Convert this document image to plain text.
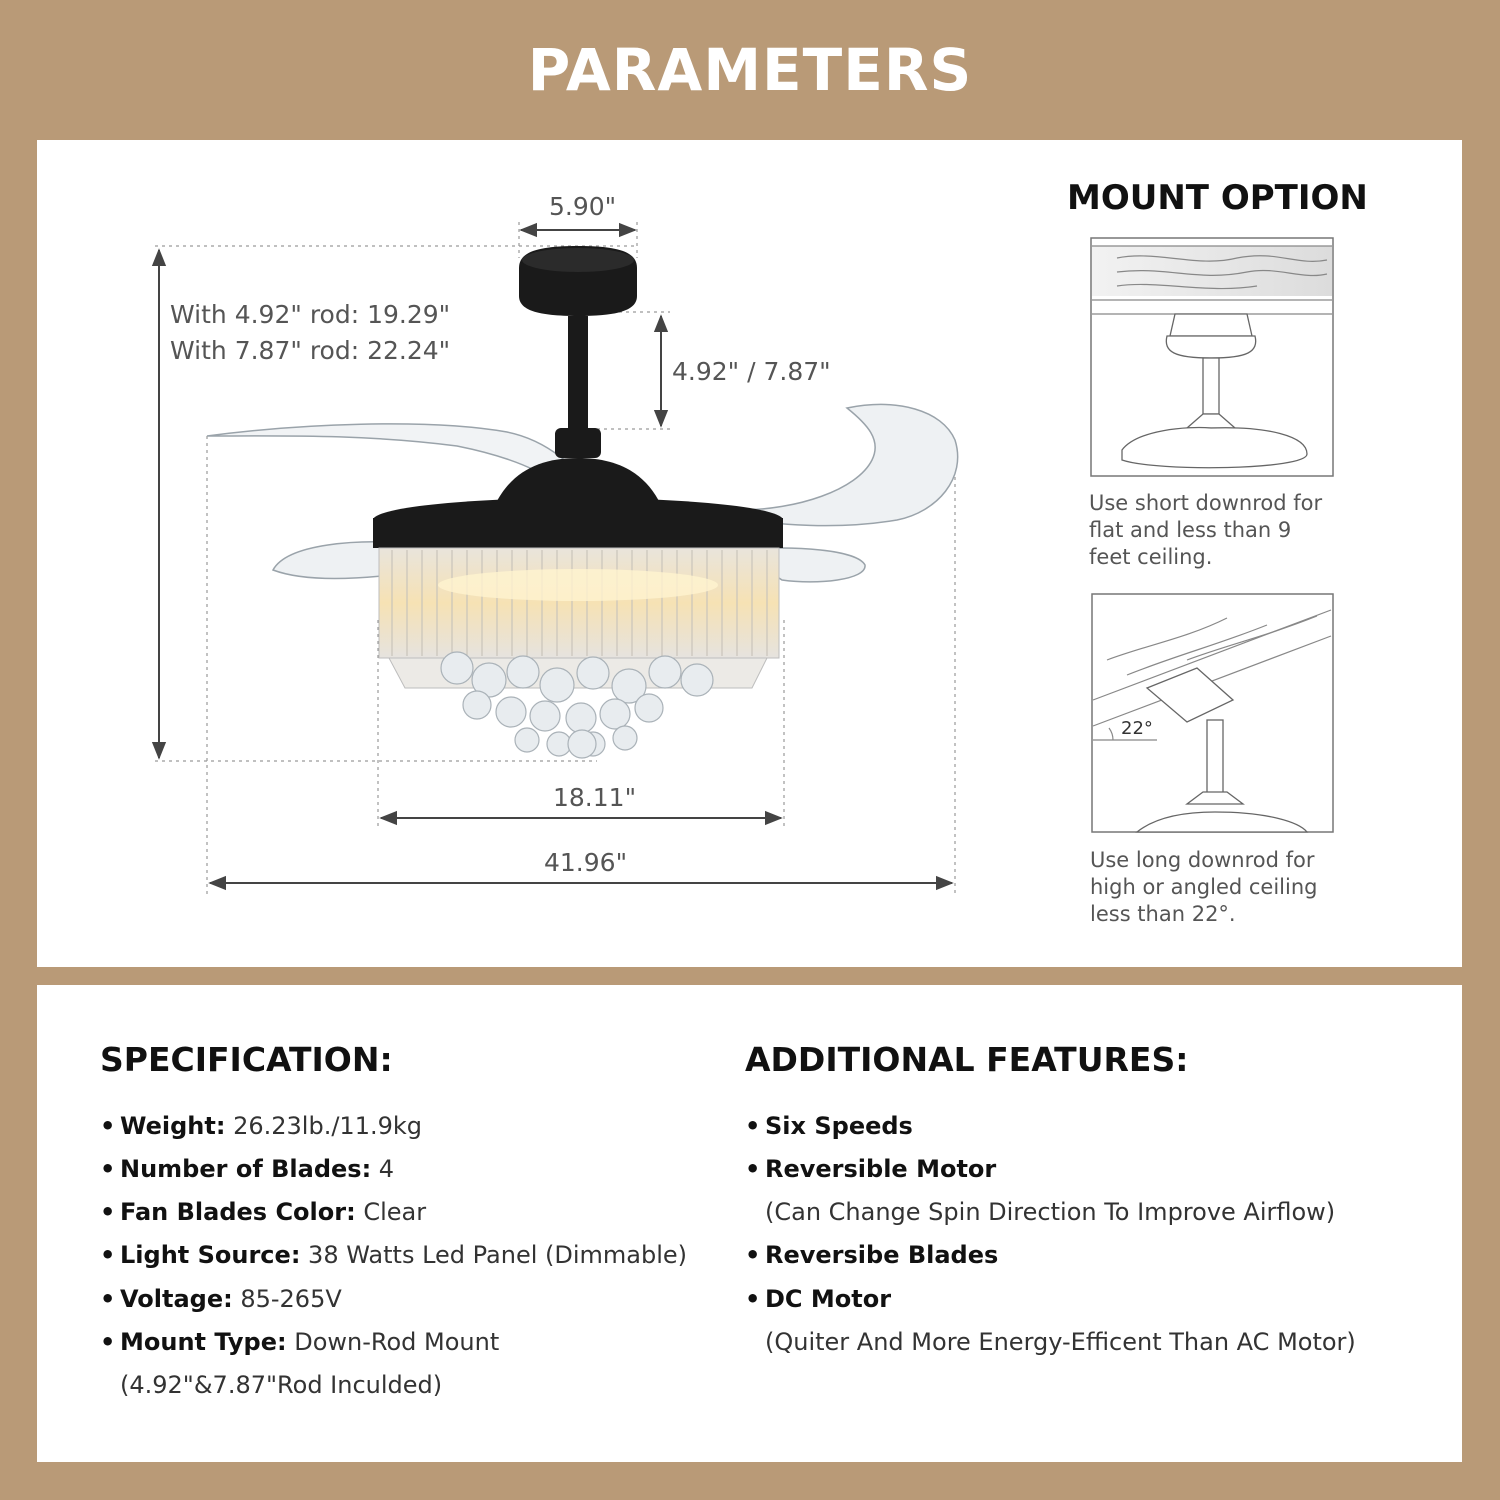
PARAMETERS
5.90"
With 4.92" rod: 19.29"
With 7.87" rod: 22.24"
4.92" / 7.87"
18.11"
41.96"
MOUNT OPTION
Use short downrod for
flat and less than 9
feet ceiling.
22°
Use long downrod for
high or angled ceiling
less than 22°.
SPECIFICATION:
• Weight: 26.23lb./11.9kg
• Number of Blades: 4
• Fan Blades Color: Clear
• Light Source: 38 Watts Led Panel (Dimmable)
• Voltage: 85-265V
• Mount Type: Down-Rod Mount
(4.92"&7.87"Rod Inculded)
ADDITIONAL FEATURES:
• Six Speeds
• Reversible Motor
(Can Change Spin Direction To Improve Airflow)
• Reversibe Blades
• DC Motor
(Quiter And More Energy-Efficent Than AC Motor)
